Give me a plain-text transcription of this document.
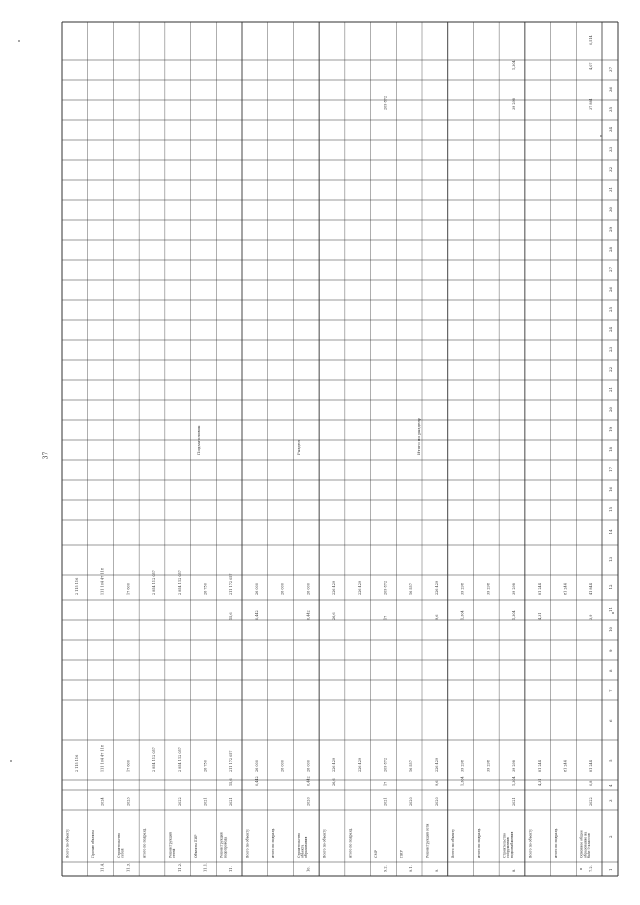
1
2
3
4
5
6
7
8
9
10
11
12
13
14
15
16
17
18
19
20
21
22
23
24
25
26
27
28
29
30
31
32
33
34
35
36
37
7.2.
Основное общее образование на базе 9 классов
2022
0,8
81 244
3,9
41 844
37 881
4,07
0,514
итого по подразд.
81 244
81 244
Всего по объекту
4,31
81 244
4,31
81 244
8.
Строительство сооружения водоснабжения
2021
1,304
39 298
1,304
39 298
39 298
1,304
итого по подразд.
39 298
39 298
Всего по объекту
1,304
39 298
1,304
39 298
9.
Реконструкция сети
2020
9,6
226 429
9,6
226 429
9.1.
ПИР
2020
16 557
16 557
9.2.
СМР
2021
17
209 872
17
209 872
209 872
итого по подразд.
226 429
226 429
Всего по объекту
26,6
226 429
26,6
226 429
10.
Строительство объекта образования
2020
0,442
26 000
0,442
26 000
итого по подразд.
26 000
26 000
Всего по объекту
0,442
26 000
0,442
26 000
11.
Реконструкция водопровода
2021
15,6
211 172 057
15,6
211 172 057
11.1.
Объекты ПИР
2021
26 750
26 750
11.2.
Реконструкция сетей
2022
2 854 112 057
2 854 112 057
итого по подразд.
2 854 112 057
2 854 112 057
11.3.
Строительство сетей
2023
17 600
17 600
11.4.
Прочие объекты
2024
111 104 47 118
111 104 47 118
Всего по объекту
2 115 116
2 115 116
Подзаголовок	Раздел	Итого по разделу
37
